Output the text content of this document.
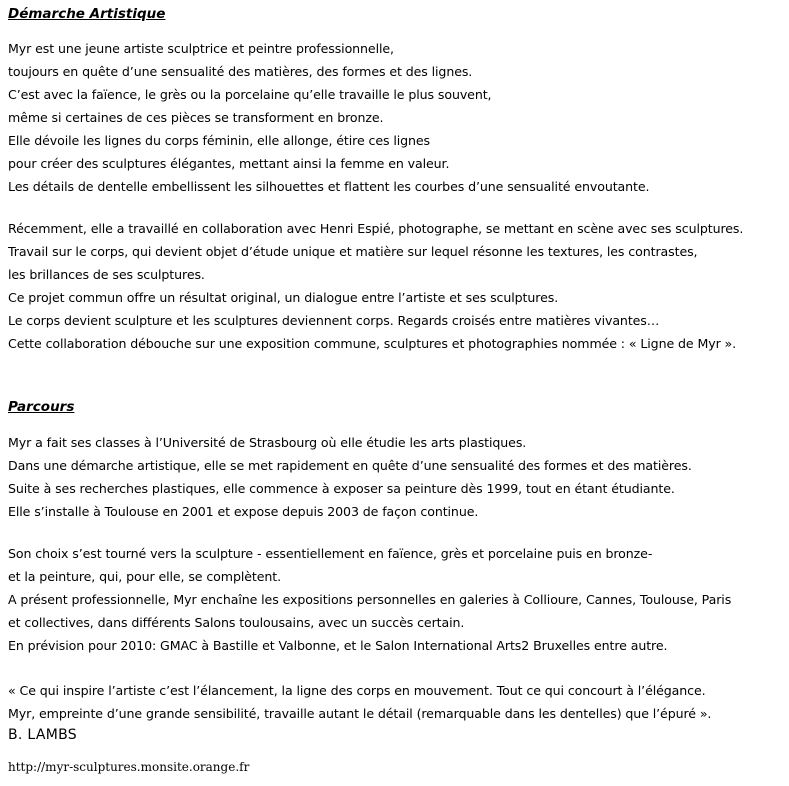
Démarche Artistique
Myr est une jeune artiste sculptrice et peintre professionnelle,
toujours en quête d’une sensualité des matières, des formes et des lignes.
C’est avec la faïence, le grès ou la porcelaine qu’elle travaille le plus souvent,
même si certaines de ces pièces se transforment en bronze.
Elle dévoile les lignes du corps féminin, elle allonge, étire ces lignes
pour créer des sculptures élégantes, mettant ainsi la femme en valeur.
Les détails de dentelle embellissent les silhouettes et flattent les courbes d’une sensualité envoutante.
Récemment, elle a travaillé en collaboration avec Henri Espié, photographe, se mettant en scène avec ses sculptures.
Travail sur le corps, qui devient objet d’étude unique et matière sur lequel résonne les textures, les contrastes,
les brillances de ses sculptures.
Ce projet commun offre un résultat original, un dialogue entre l’artiste et ses sculptures.
Le corps devient sculpture et les sculptures deviennent corps. Regards croisés entre matières vivantes…
Cette collaboration débouche sur une exposition commune, sculptures et photographies nommée : « Ligne de Myr ».
Parcours
Myr a fait ses classes à l’Université de Strasbourg où elle étudie les arts plastiques.
Dans une démarche artistique, elle se met rapidement en quête d’une sensualité des formes et des matières.
Suite à ses recherches plastiques, elle commence à exposer sa peinture dès 1999, tout en étant étudiante.
Elle s’installe à Toulouse en 2001 et expose depuis 2003 de façon continue.
Son choix s’est tourné vers la sculpture - essentiellement en faïence, grès et porcelaine puis en bronze-
et la peinture, qui, pour elle, se complètent.
A présent professionnelle, Myr enchaîne les expositions personnelles en galeries à Collioure, Cannes, Toulouse, Paris
et collectives, dans différents Salons toulousains, avec un succès certain.
En prévision pour 2010: GMAC à Bastille et Valbonne, et le Salon International Arts2 Bruxelles entre autre.
« Ce qui inspire l’artiste c’est l’élancement, la ligne des corps en mouvement. Tout ce qui concourt à l’élégance.
Myr, empreinte d’une grande sensibilité, travaille autant le détail (remarquable dans les dentelles) que l’épuré ».
B. LAMBS
http://myr-sculptures.monsite.orange.fr
